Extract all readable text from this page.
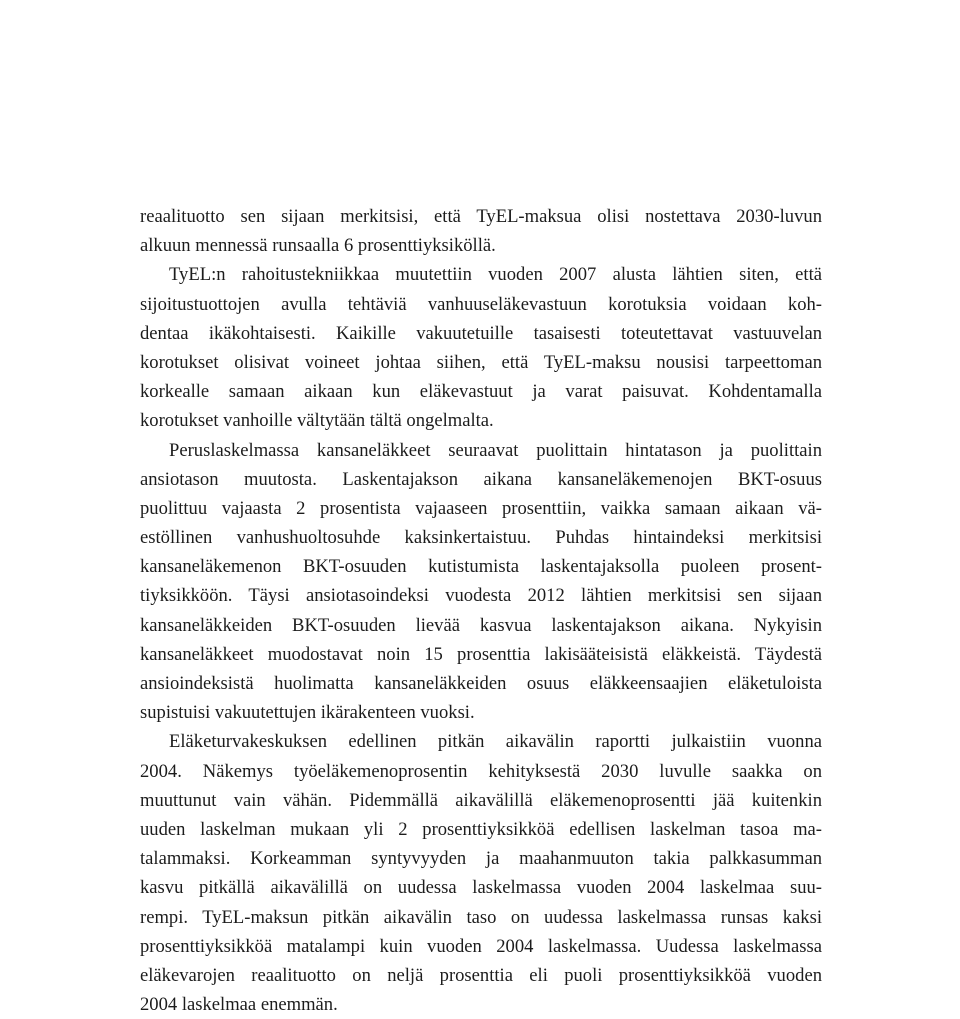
reaalituotto sen sijaan merkitsisi, että TyEL-maksua olisi nostettava 2030-luvun
alkuun mennessä runsaalla 6 prosenttiyksiköllä.
TyEL:n rahoitustekniikkaa muutettiin vuoden 2007 alusta lähtien siten, että
sijoitustuottojen avulla tehtäviä vanhuuseläkevastuun korotuksia voidaan koh-
dentaa ikäkohtaisesti. Kaikille vakuutetuille tasaisesti toteutettavat vastuuvelan
korotukset olisivat voineet johtaa siihen, että TyEL-maksu nousisi tarpeettoman
korkealle samaan aikaan kun eläkevastuut ja varat paisuvat. Kohdentamalla
korotukset vanhoille vältytään tältä ongelmalta.
Peruslaskelmassa kansaneläkkeet seuraavat puolittain hintatason ja puolittain
ansiotason muutosta. Laskentajakson aikana kansaneläkemenojen BKT-osuus
puolittuu vajaasta 2 prosentista vajaaseen prosenttiin, vaikka samaan aikaan vä-
estöllinen vanhushuoltosuhde kaksinkertaistuu. Puhdas hintaindeksi merkitsisi
kansaneläkemenon BKT-osuuden kutistumista laskentajaksolla puoleen prosent-
tiyksikköön. Täysi ansiotasoindeksi vuodesta 2012 lähtien merkitsisi sen sijaan
kansaneläkkeiden BKT-osuuden lievää kasvua laskentajakson aikana. Nykyisin
kansaneläkkeet muodostavat noin 15 prosenttia lakisääteisistä eläkkeistä. Täydestä
ansioindeksistä huolimatta kansaneläkkeiden osuus eläkkeensaajien eläketuloista
supistuisi vakuutettujen ikärakenteen vuoksi.
Eläketurvakeskuksen edellinen pitkän aikavälin raportti julkaistiin vuonna
2004. Näkemys työeläkemenoprosentin kehityksestä 2030 luvulle saakka on
muuttunut vain vähän. Pidemmällä aikavälillä eläkemenoprosentti jää kuitenkin
uuden laskelman mukaan yli 2 prosenttiyksikköä edellisen laskelman tasoa ma-
talammaksi. Korkeamman syntyvyyden ja maahanmuuton takia palkkasumman
kasvu pitkällä aikavälillä on uudessa laskelmassa vuoden 2004 laskelmaa suu-
rempi. TyEL-maksun pitkän aikavälin taso on uudessa laskelmassa runsas kaksi
prosenttiyksikköä matalampi kuin vuoden 2004 laskelmassa. Uudessa laskelmassa
eläkevarojen reaalituotto on neljä prosenttia eli puoli prosenttiyksikköä vuoden
2004 laskelmaa enemmän.
